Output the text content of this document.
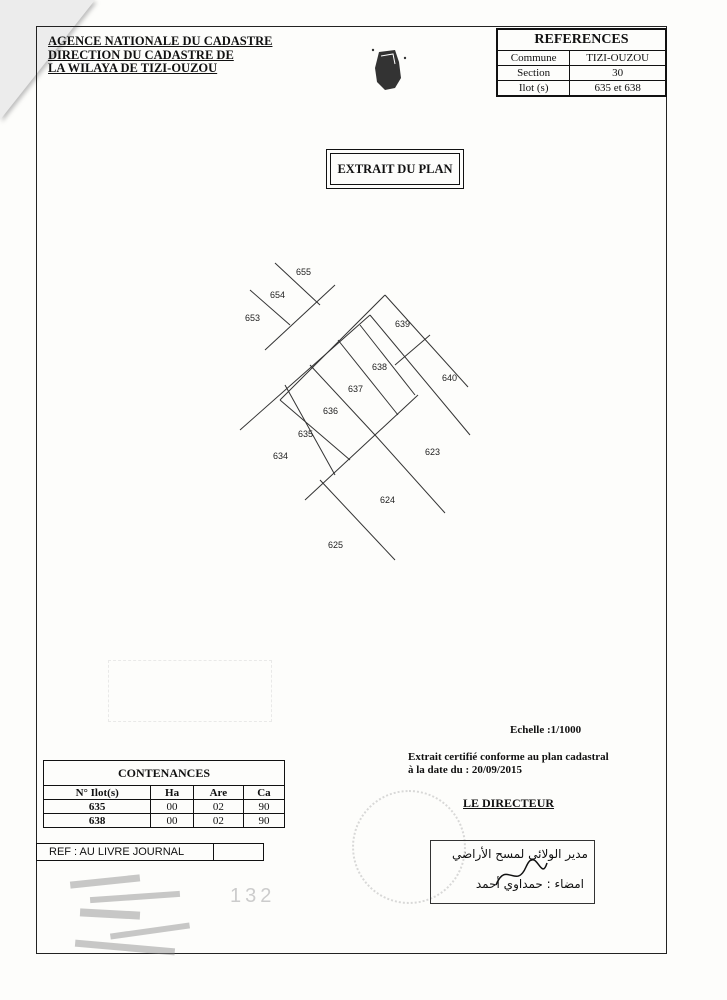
AGENCE NATIONALE DU CADASTRE
DIRECTION DU CADASTRE DE
LA WILAYA DE TIZI-OUZOU
REFERENCES	
Commune	TIZI-OUZOU
Section	30
Ilot (s)	635 et 638
EXTRAIT DU PLAN
655
654
653
639
638
640
637
636
635
634	623
624
625
Echelle :1/1000
Extrait certifié conforme au plan cadastral
à la date du : 20/09/2015
LE DIRECTEUR
CONTENANCES			
N° Ilot(s)	Ha	Are	Ca
635	00	02	90
638	00	02	90
REF : AU LIVRE JOURNAL	مدير الولائي لمسح الأراضي
امضاء : حمداوي أحمد
132
